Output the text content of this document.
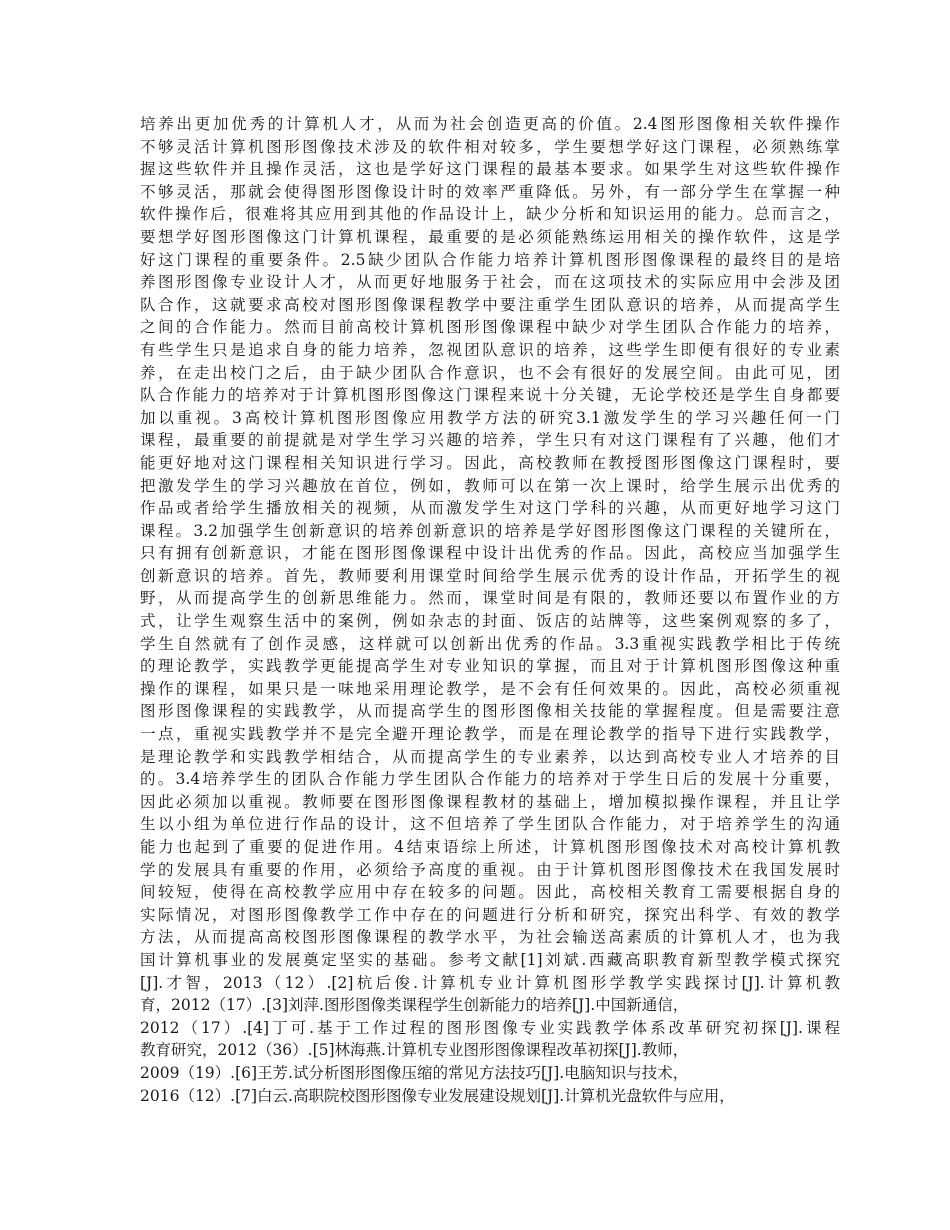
培养出更加优秀的计算机人才，从而为社会创造更高的价值。2.4图形图像相关软件操作
不够灵活计算机图形图像技术涉及的软件相对较多，学生要想学好这门课程，必须熟练掌
握这些软件并且操作灵活，这也是学好这门课程的最基本要求。如果学生对这些软件操作
不够灵活，那就会使得图形图像设计时的效率严重降低。另外，有一部分学生在掌握一种
软件操作后，很难将其应用到其他的作品设计上，缺少分析和知识运用的能力。总而言之，
要想学好图形图像这门计算机课程，最重要的是必须能熟练运用相关的操作软件，这是学
好这门课程的重要条件。2.5缺少团队合作能力培养计算机图形图像课程的最终目的是培
养图形图像专业设计人才，从而更好地服务于社会，而在这项技术的实际应用中会涉及团
队合作，这就要求高校对图形图像课程教学中要注重学生团队意识的培养，从而提高学生
之间的合作能力。然而目前高校计算机图形图像课程中缺少对学生团队合作能力的培养，
有些学生只是追求自身的能力培养，忽视团队意识的培养，这些学生即便有很好的专业素
养，在走出校门之后，由于缺少团队合作意识，也不会有很好的发展空间。由此可见，团
队合作能力的培养对于计算机图形图像这门课程来说十分关键，无论学校还是学生自身都要
加以重视。3高校计算机图形图像应用教学方法的研究3.1激发学生的学习兴趣任何一门
课程，最重要的前提就是对学生学习兴趣的培养，学生只有对这门课程有了兴趣，他们才
能更好地对这门课程相关知识进行学习。因此，高校教师在教授图形图像这门课程时，要
把激发学生的学习兴趣放在首位，例如，教师可以在第一次上课时，给学生展示出优秀的
作品或者给学生播放相关的视频，从而激发学生对这门学科的兴趣，从而更好地学习这门
课程。3.2加强学生创新意识的培养创新意识的培养是学好图形图像这门课程的关键所在，
只有拥有创新意识，才能在图形图像课程中设计出优秀的作品。因此，高校应当加强学生
创新意识的培养。首先，教师要利用课堂时间给学生展示优秀的设计作品，开拓学生的视
野，从而提高学生的创新思维能力。然而，课堂时间是有限的，教师还要以布置作业的方
式，让学生观察生活中的案例，例如杂志的封面、饭店的站牌等，这些案例观察的多了，
学生自然就有了创作灵感，这样就可以创新出优秀的作品。3.3重视实践教学相比于传统
的理论教学，实践教学更能提高学生对专业知识的掌握，而且对于计算机图形图像这种重
操作的课程，如果只是一味地采用理论教学，是不会有任何效果的。因此，高校必须重视
图形图像课程的实践教学，从而提高学生的图形图像相关技能的掌握程度。但是需要注意
一点，重视实践教学并不是完全避开理论教学，而是在理论教学的指导下进行实践教学，
是理论教学和实践教学相结合，从而提高学生的专业素养，以达到高校专业人才培养的目
的。3.4培养学生的团队合作能力学生团队合作能力的培养对于学生日后的发展十分重要，
因此必须加以重视。教师要在图形图像课程教材的基础上，增加模拟操作课程，并且让学
生以小组为单位进行作品的设计，这不但培养了学生团队合作能力，对于培养学生的沟通
能力也起到了重要的促进作用。4结束语综上所述，计算机图形图像技术对高校计算机教
学的发展具有重要的作用，必须给予高度的重视。由于计算机图形图像技术在我国发展时
间较短，使得在高校教学应用中存在较多的问题。因此，高校相关教育工需要根据自身的
实际情况，对图形图像教学工作中存在的问题进行分析和研究，探究出科学、有效的教学
方法，从而提高高校图形图像课程的教学水平，为社会输送高素质的计算机人才，也为我
国计算机事业的发展奠定坚实的基础。参考文献[1]刘斌.西藏高职教育新型教学模式探究
[J].才智，2013（12）.[2]杭后俊.计算机专业计算机图形学教学实践探讨[J].计算机教
育，2012（17）.[3]刘萍.图形图像类课程学生创新能力的培养[J].中国新通信，
2012（17）.[4]丁可.基于工作过程的图形图像专业实践教学体系改革研究初探[J].课程
教育研究，2012（36）.[5]林海燕.计算机专业图形图像课程改革初探[J].教师，
2009（19）.[6]王芳.试分析图形图像压缩的常见方法技巧[J].电脑知识与技术，
2016（12）.[7]白云.高职院校图形图像专业发展建设规划[J].计算机光盘软件与应用，
